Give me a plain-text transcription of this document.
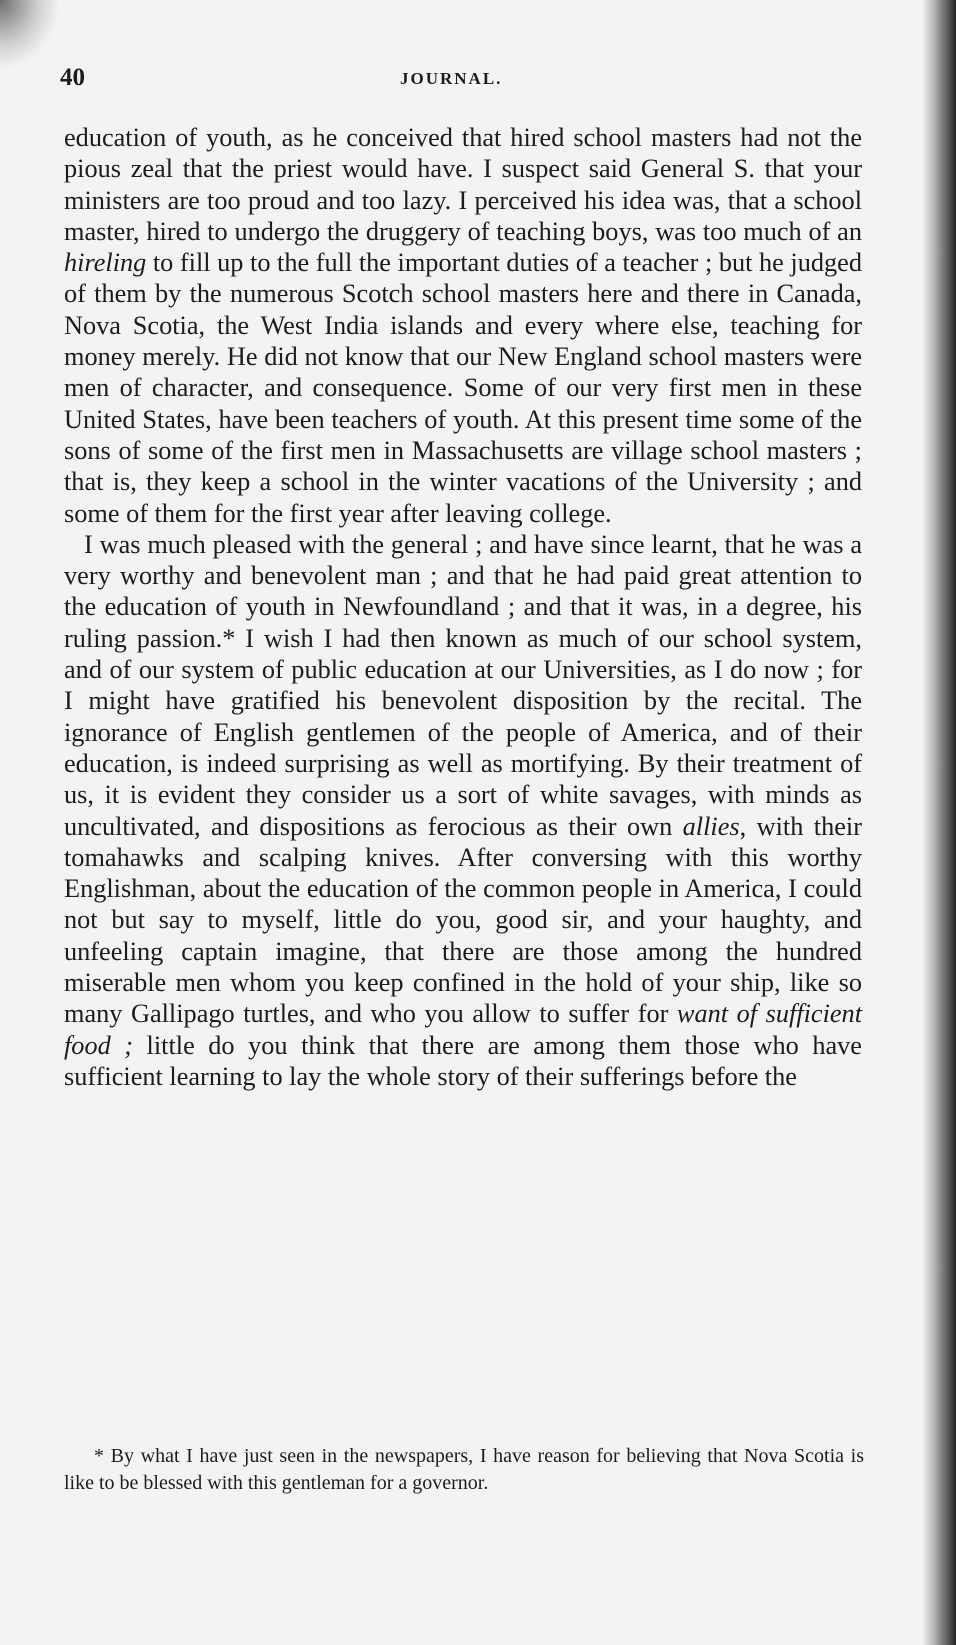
40	JOURNAL.

education of youth, as he conceived that hired school masters had not the pious zeal that the priest would have. I suspect said General S. that your ministers are too proud and too lazy. I perceived his idea was, that a school master, hired to undergo the druggery of teaching boys, was too much of an hireling to fill up to the full the important duties of a teacher ; but he judged of them by the numerous Scotch school masters here and there in Canada, Nova Scotia, the West India islands and every where else, teaching for money merely. He did not know that our New England school masters were men of character, and consequence. Some of our very first men in these United States, have been teachers of youth. At this present time some of the sons of some of the first men in Massachusetts are village school masters ; that is, they keep a school in the winter vacations of the University ; and some of them for the first year after leaving college.

I was much pleased with the general ; and have since learnt, that he was a very worthy and benevolent man ; and that he had paid great attention to the education of youth in Newfoundland ; and that it was, in a degree, his ruling passion.* I wish I had then known as much of our school system, and of our system of public education at our Universities, as I do now ; for I might have gratified his benevolent disposition by the recital. The ignorance of English gentlemen of the people of America, and of their education, is indeed surprising as well as mortifying. By their treatment of us, it is evident they consider us a sort of white savages, with minds as uncultivated, and dispositions as ferocious as their own allies, with their tomahawks and scalping knives. After conversing with this worthy Englishman, about the education of the common people in America, I could not but say to myself, little do you, good sir, and your haughty, and unfeeling captain imagine, that there are those among the hundred miserable men whom you keep confined in the hold of your ship, like so many Gallipago turtles, and who you allow to suffer for want of sufficient food ; little do you think that there are among them those who have sufficient learning to lay the whole story of their sufferings before the

* By what I have just seen in the newspapers, I have reason for believing that Nova Scotia is like to be blessed with this gentleman for a governor.
